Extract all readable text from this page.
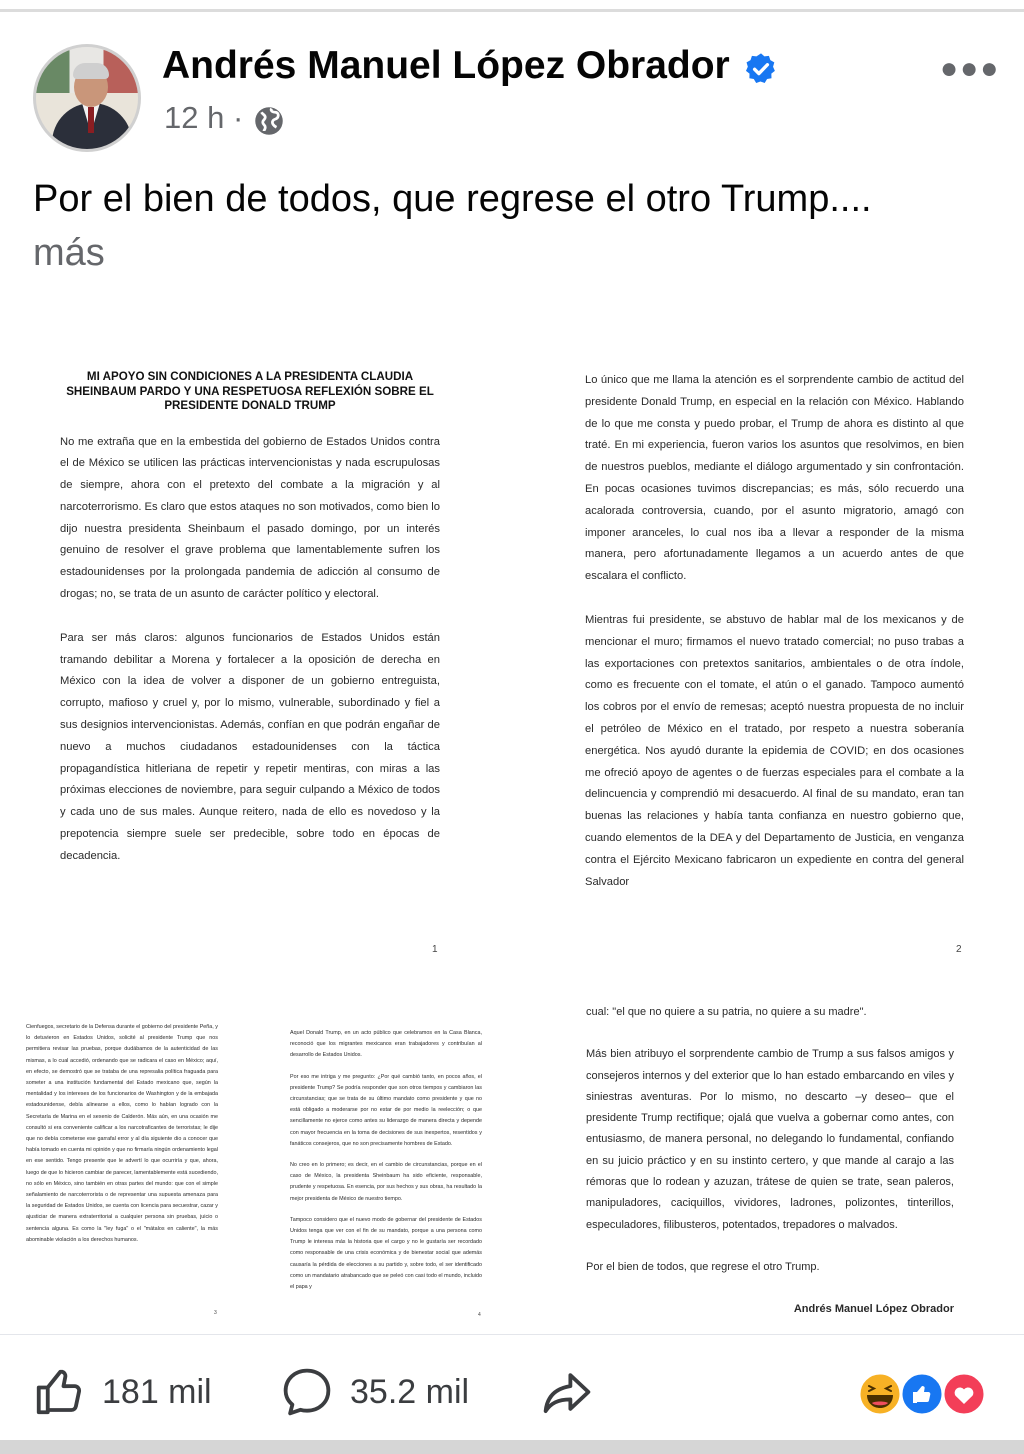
Andrés Manuel López Obrador	●●●
12 h ·
Por el bien de todos, que regrese el otro Trump....
más
MI APOYO SIN CONDICIONES A LA PRESIDENTA CLAUDIA SHEINBAUM PARDO Y UNA RESPETUOSA REFLEXIÓN SOBRE EL PRESIDENTE DONALD TRUMP

No me extraña que en la embestida del gobierno de Estados Unidos contra el de México se utilicen las prácticas intervencionistas y nada escrupulosas de siempre, ahora con el pretexto del combate a la migración y al narcoterrorismo. Es claro que estos ataques no son motivados, como bien lo dijo nuestra presidenta Sheinbaum el pasado domingo, por un interés genuino de resolver el grave problema que lamentablemente sufren los estadounidenses por la prolongada pandemia de adicción al consumo de drogas; no, se trata de un asunto de carácter político y electoral.

Para ser más claros: algunos funcionarios de Estados Unidos están tramando debilitar a Morena y fortalecer a la oposición de derecha en México con la idea de volver a disponer de un gobierno entreguista, corrupto, mafioso y cruel y, por lo mismo, vulnerable, subordinado y fiel a sus designios intervencionistas. Además, confían en que podrán engañar de nuevo a muchos ciudadanos estadounidenses con la táctica propagandística hitleriana de repetir y repetir mentiras, con miras a las próximas elecciones de noviembre, para seguir culpando a México de todos y cada uno de sus males. Aunque reitero, nada de ello es novedoso y la prepotencia siempre suele ser predecible, sobre todo en épocas de decadencia.

1

Lo único que me llama la atención es el sorprendente cambio de actitud del presidente Donald Trump, en especial en la relación con México. Hablando de lo que me consta y puedo probar, el Trump de ahora es distinto al que traté. En mi experiencia, fueron varios los asuntos que resolvimos, en bien de nuestros pueblos, mediante el diálogo argumentado y sin confrontación. En pocas ocasiones tuvimos discrepancias; es más, sólo recuerdo una acalorada controversia, cuando, por el asunto migratorio, amagó con imponer aranceles, lo cual nos iba a llevar a responder de la misma manera, pero afortunadamente llegamos a un acuerdo antes de que escalara el conflicto.

Mientras fui presidente, se abstuvo de hablar mal de los mexicanos y de mencionar el muro; firmamos el nuevo tratado comercial; no puso trabas a las exportaciones con pretextos sanitarios, ambientales o de otra índole, como es frecuente con el tomate, el atún o el ganado. Tampoco aumentó los cobros por el envío de remesas; aceptó nuestra propuesta de no incluir el petróleo de México en el tratado, por respeto a nuestra soberanía energética. Nos ayudó durante la epidemia de COVID; en dos ocasiones me ofreció apoyo de agentes o de fuerzas especiales para el combate a la delincuencia y comprendió mi desacuerdo. Al final de su mandato, eran tan buenas las relaciones y había tanta confianza en nuestro gobierno que, cuando elementos de la DEA y del Departamento de Justicia, en venganza contra el Ejército Mexicano fabricaron un expediente en contra del general Salvador

2

Cienfuegos, secretario de la Defensa durante el gobierno del presidente Peña, y lo detuvieron en Estados Unidos, solicité al presidente Trump que nos permitiera revisar las pruebas, porque dudábamos de la autenticidad de las mismas, a lo cual accedió, ordenando que se radicara el caso en México; aquí, en efecto, se demostró que se trataba de una represalia política fraguada para someter a una institución fundamental del Estado mexicano que, según la mentalidad y los intereses de los funcionarios de Washington y de la embajada estadounidense, debía alinearse a ellos, como lo habían logrado con la Secretaría de Marina en el sexenio de Calderón. Más aún, en una ocasión me consultó si era conveniente calificar a los narcotraficantes de terroristas; le dije que no debía cometerse ese garrafal error y al día siguiente dio a conocer que había tomado en cuenta mi opinión y que no firmaría ningún ordenamiento legal en ese sentido. Tengo presente que le advertí lo que ocurriría y que, ahora, luego de que lo hicieron cambiar de parecer, lamentablemente está sucediendo, no sólo en México, sino también en otras partes del mundo: que con el simple señalamiento de narcoterrorista o de representar una supuesta amenaza para la seguridad de Estados Unidos, se cuenta con licencia para secuestrar, cazar y ajusticiar de manera extraterritorial a cualquier persona sin pruebas, juicio o sentencia alguna. Es como la "ley fuga" o el "mátalos en caliente", la más abominable violación a los derechos humanos.

3

Aquel Donald Trump, en un acto público que celebramos en la Casa Blanca, reconoció que los migrantes mexicanos eran trabajadores y contribuían al desarrollo de Estados Unidos.

Por eso me intriga y me pregunto: ¿Por qué cambió tanto, en pocos años, el presidente Trump? Se podría responder que son otros tiempos y cambiaron las circunstancias; que se trata de su último mandato como presidente y que no está obligado a moderarse por no estar de por medio la reelección; o que sencillamente no ejerce como antes su liderazgo de manera directa y depende con mayor frecuencia en la toma de decisiones de sus inexpertos, resentidos y fanáticos consejeros, que no son precisamente hombres de Estado.

No creo en lo primero; es decir, en el cambio de circunstancias, porque en el caso de México, la presidenta Sheinbaum ha sido eficiente, responsable, prudente y respetuosa. En esencia, por sus hechos y sus obras, ha resultado la mejor presidenta de México de nuestro tiempo.

Tampoco considero que el nuevo modo de gobernar del presidente de Estados Unidos tenga que ver con el fin de su mandato, porque a una persona como Trump le interesa más la historia que el cargo y no le gustaría ser recordado como responsable de una crisis económica y de bienestar social que además causaría la pérdida de elecciones a su partido y, sobre todo, el ser identificado como un mandatario atrabancado que se peleó con casi todo el mundo, incluido el papa y

4

cual: "el que no quiere a su patria, no quiere a su madre".

Más bien atribuyo el sorprendente cambio de Trump a sus falsos amigos y consejeros internos y del exterior que lo han estado embarcando en viles y siniestras aventuras. Por lo mismo, no descarto –y deseo– que el presidente Trump rectifique; ojalá que vuelva a gobernar como antes, con entusiasmo, de manera personal, no delegando lo fundamental, confiando en su juicio práctico y en su instinto certero, y que mande al carajo a las rémoras que lo rodean y azuzan, trátese de quien se trate, sean paleros, manipuladores, caciquillos, vividores, ladrones, polizontes, tinterillos, especuladores, filibusteros, potentados, trepadores o malvados.

Por el bien de todos, que regrese el otro Trump.

Andrés Manuel López Obrador
181 mil	35.2 mil
